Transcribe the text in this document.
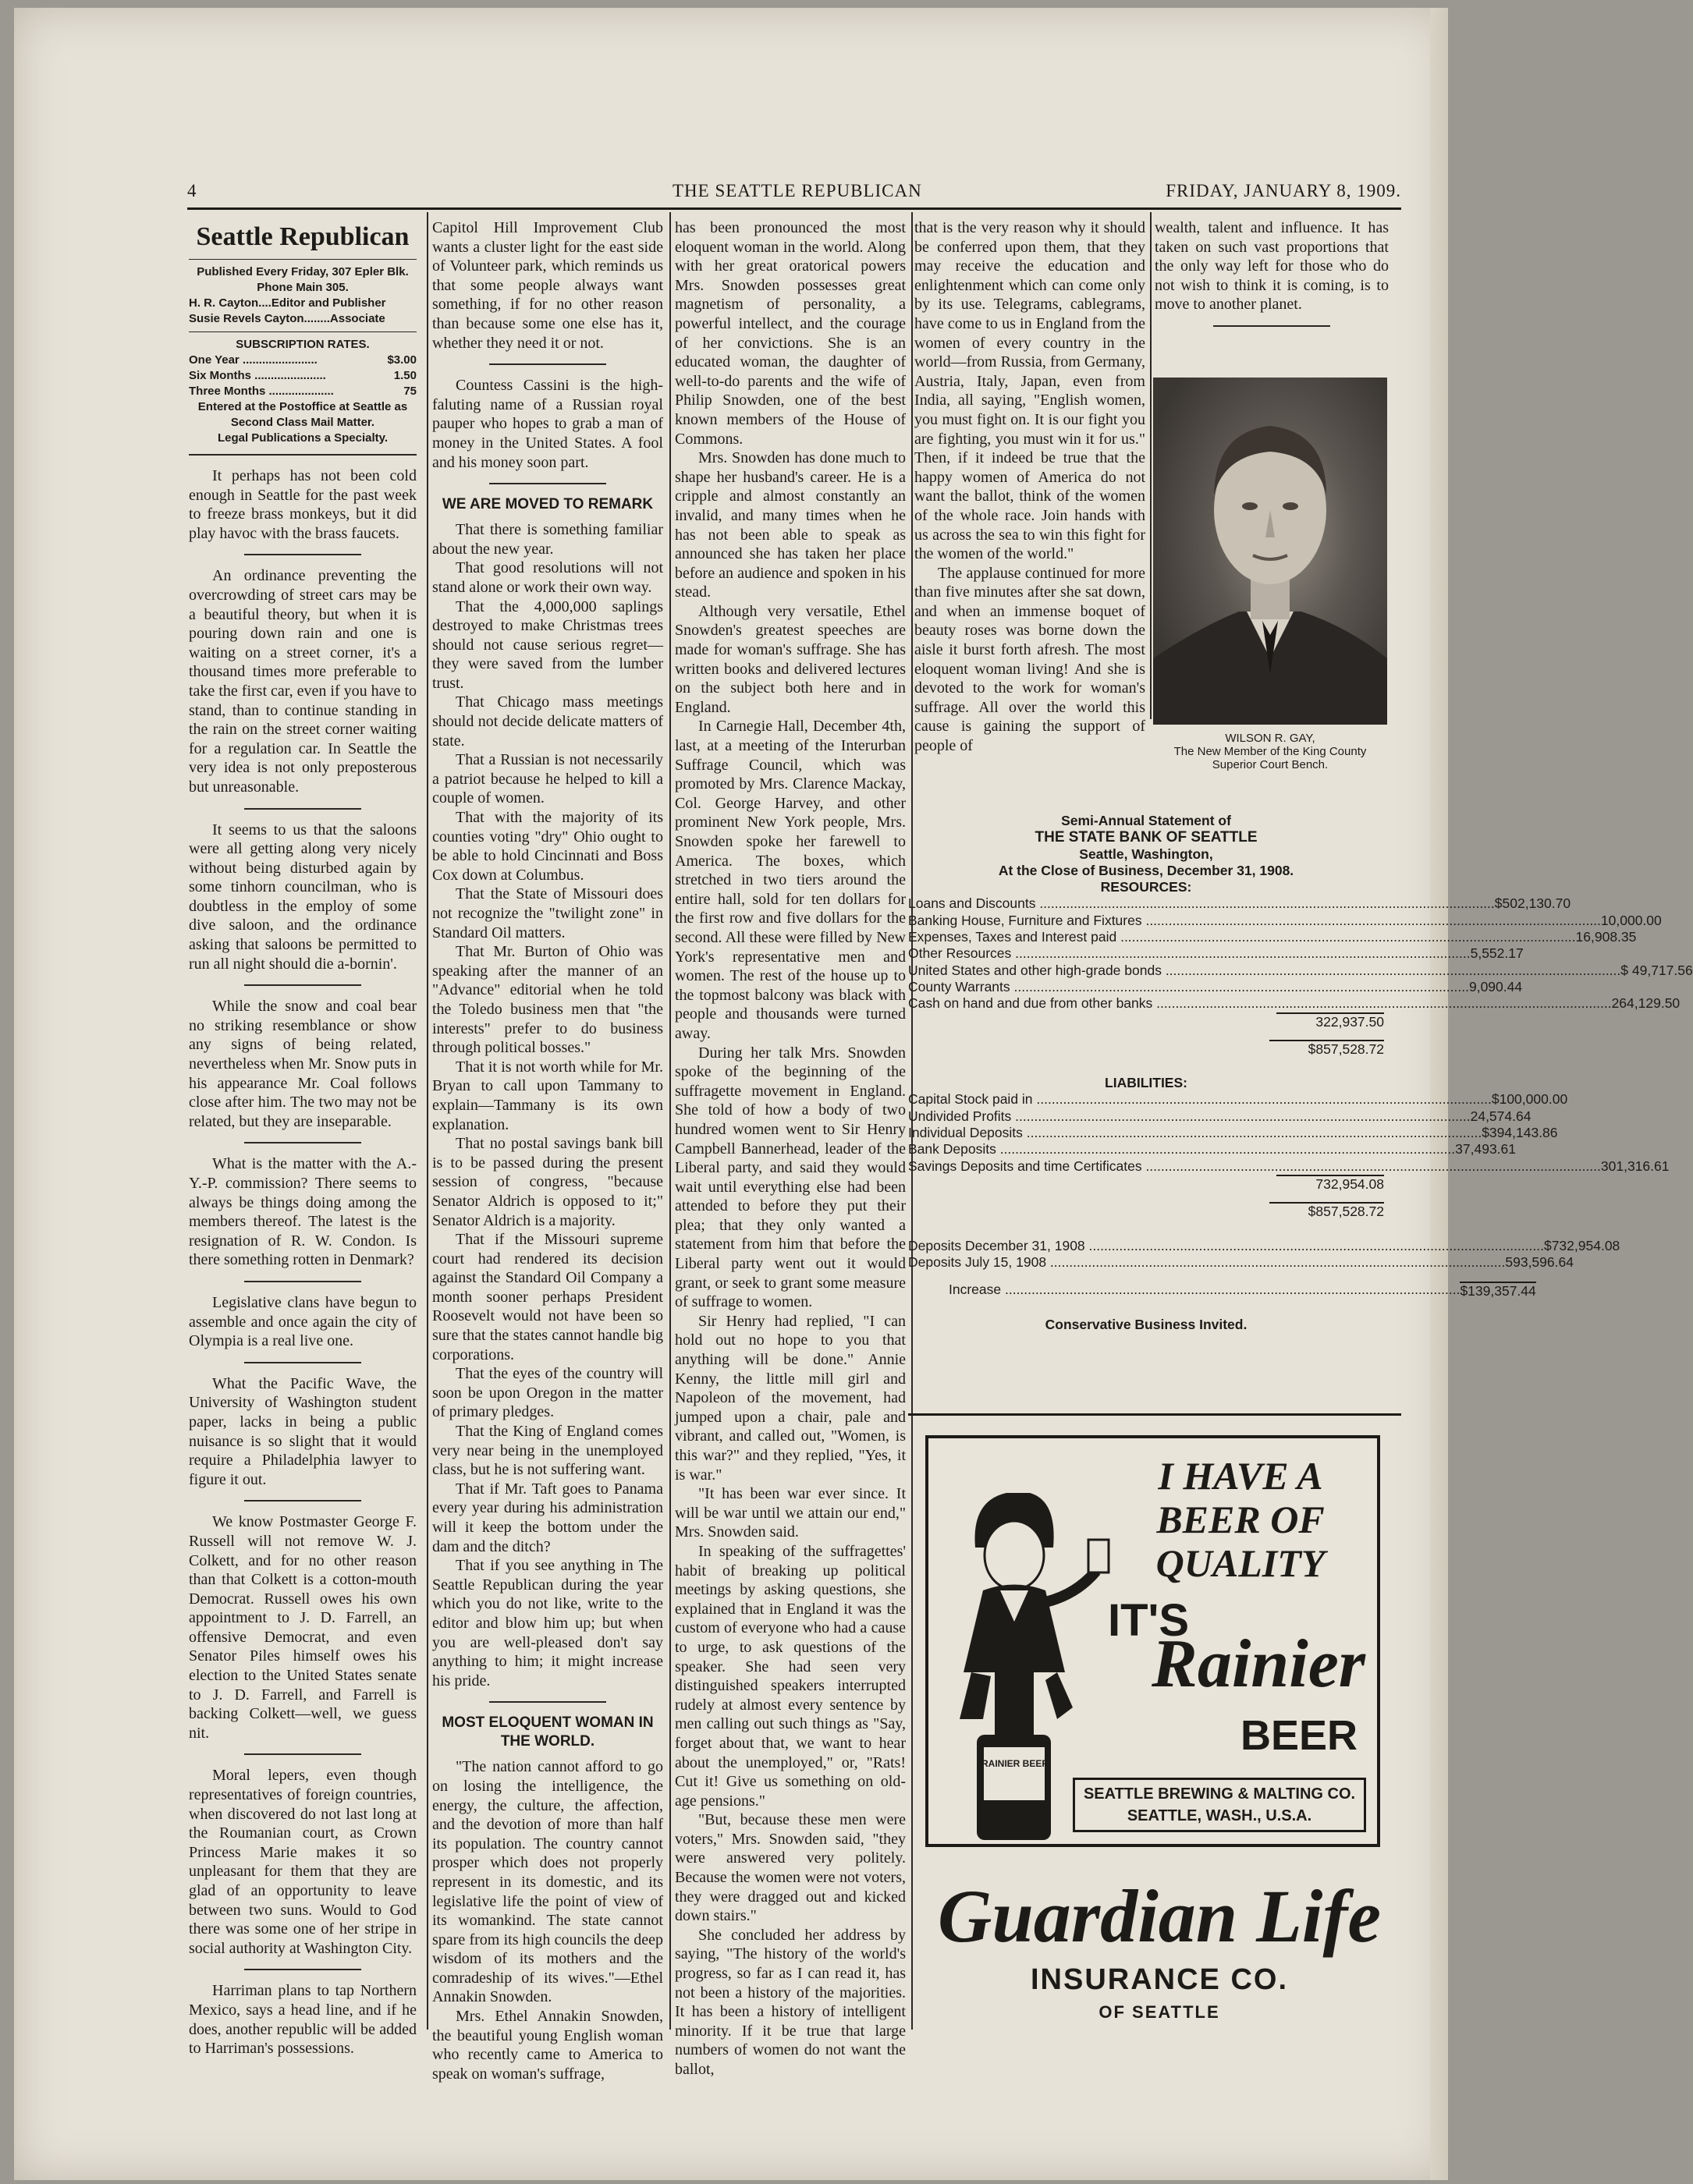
4	THE SEATTLE REPUBLICAN	FRIDAY, JANUARY 8, 1909.
Seattle Republican
Published Every Friday, 307 Epler Blk.
Phone Main 305.
H. R. Cayton....Editor and Publisher
Susie Revels Cayton........Associate
SUBSCRIPTION RATES.
One Year .......................	$3.00
Six Months ......................	1.50
Three Months ....................	75
Entered at the Postoffice at Seattle as
Second Class Mail Matter.
Legal Publications a Specialty.

It perhaps has not been cold enough in Seattle for the past week to freeze brass monkeys, but it did play havoc with the brass faucets.

An ordinance preventing the overcrowding of street cars may be a beautiful theory, but when it is pouring down rain and one is waiting on a street corner, it's a thousand times more preferable to take the first car, even if you have to stand, than to continue standing in the rain on the street corner waiting for a regulation car. In Seattle the very idea is not only preposterous but unreasonable.

It seems to us that the saloons were all getting along very nicely without being disturbed again by some tinhorn councilman, who is doubtless in the employ of some dive saloon, and the ordinance asking that saloons be permitted to run all night should die a-bornin'.

While the snow and coal bear no striking resemblance or show any signs of being related, nevertheless when Mr. Snow puts in his appearance Mr. Coal follows close after him. The two may not be related, but they are inseparable.

What is the matter with the A.-Y.-P. commission? There seems to always be things doing among the members thereof. The latest is the resignation of R. W. Condon. Is there something rotten in Denmark?

Legislative clans have begun to assemble and once again the city of Olympia is a real live one.

What the Pacific Wave, the University of Washington student paper, lacks in being a public nuisance is so slight that it would require a Philadelphia lawyer to figure it out.

We know Postmaster George F. Russell will not remove W. J. Colkett, and for no other reason than that Colkett is a cotton-mouth Democrat. Russell owes his own appointment to J. D. Farrell, an offensive Democrat, and even Senator Piles himself owes his election to the United States senate to J. D. Farrell, and Farrell is backing Colkett—well, we guess nit.

Moral lepers, even though representatives of foreign countries, when discovered do not last long at the Roumanian court, as Crown Princess Marie makes it so unpleasant for them that they are glad of an opportunity to leave between two suns. Would to God there was some one of her stripe in social authority at Washington City.

Harriman plans to tap Northern Mexico, says a head line, and if he does, another republic will be added to Harriman's possessions.

Capitol Hill Improvement Club wants a cluster light for the east side of Volunteer park, which reminds us that some people always want something, if for no other reason than because some one else has it, whether they need it or not.

Countess Cassini is the high-faluting name of a Russian royal pauper who hopes to grab a man of money in the United States. A fool and his money soon part.

WE ARE MOVED TO REMARK

That there is something familiar about the new year.

That good resolutions will not stand alone or work their own way.

That the 4,000,000 saplings destroyed to make Christmas trees should not cause serious regret—they were saved from the lumber trust.

That Chicago mass meetings should not decide delicate matters of state.

That a Russian is not necessarily a patriot because he helped to kill a couple of women.

That with the majority of its counties voting "dry" Ohio ought to be able to hold Cincinnati and Boss Cox down at Columbus.

That the State of Missouri does not recognize the "twilight zone" in Standard Oil matters.

That Mr. Burton of Ohio was speaking after the manner of an "Advance" editorial when he told the Toledo business men that "the interests" prefer to do business through political bosses."

That it is not worth while for Mr. Bryan to call upon Tammany to explain—Tammany is its own explanation.

That no postal savings bank bill is to be passed during the present session of congress, "because Senator Aldrich is opposed to it;" Senator Aldrich is a majority.

That if the Missouri supreme court had rendered its decision against the Standard Oil Company a month sooner perhaps President Roosevelt would not have been so sure that the states cannot handle big corporations.

That the eyes of the country will soon be upon Oregon in the matter of primary pledges.

That the King of England comes very near being in the unemployed class, but he is not suffering want.

That if Mr. Taft goes to Panama every year during his administration will it keep the bottom under the dam and the ditch?

That if you see anything in The Seattle Republican during the year which you do not like, write to the editor and blow him up; but when you are well-pleased don't say anything to him; it might increase his pride.

MOST ELOQUENT WOMAN IN THE WORLD.

"The nation cannot afford to go on losing the intelligence, the energy, the culture, the affection, and the devotion of more than half its population. The country cannot prosper which does not properly represent in its domestic, and its legislative life the point of view of its womankind. The state cannot spare from its high councils the deep wisdom of its mothers and the comradeship of its wives."—Ethel Annakin Snowden.

Mrs. Ethel Annakin Snowden, the beautiful young English woman who recently came to America to speak on woman's suffrage,

has been pronounced the most eloquent woman in the world. Along with her great oratorical powers Mrs. Snowden possesses great magnetism of personality, a powerful intellect, and the courage of her convictions. She is an educated woman, the daughter of well-to-do parents and the wife of Philip Snowden, one of the best known members of the House of Commons.

Mrs. Snowden has done much to shape her husband's career. He is a cripple and almost constantly an invalid, and many times when he has not been able to speak as announced she has taken her place before an audience and spoken in his stead.

Although very versatile, Ethel Snowden's greatest speeches are made for woman's suffrage. She has written books and delivered lectures on the subject both here and in England.

In Carnegie Hall, December 4th, last, at a meeting of the Interurban Suffrage Council, which was promoted by Mrs. Clarence Mackay, Col. George Harvey, and other prominent New York people, Mrs. Snowden spoke her farewell to America. The boxes, which stretched in two tiers around the entire hall, sold for ten dollars for the first row and five dollars for the second. All these were filled by New York's representative men and women. The rest of the house up to the topmost balcony was black with people and thousands were turned away.

During her talk Mrs. Snowden spoke of the beginning of the suffragette movement in England. She told of how a body of two hundred women went to Sir Henry Campbell Bannerhead, leader of the Liberal party, and said they would wait until everything else had been attended to before they put their plea; that they only wanted a statement from him that before the Liberal party went out it would grant, or seek to grant some measure of suffrage to women.

Sir Henry had replied, "I can hold out no hope to you that anything will be done." Annie Kenny, the little mill girl and Napoleon of the movement, had jumped upon a chair, pale and vibrant, and called out, "Women, is this war?" and they replied, "Yes, it is war."

"It has been war ever since. It will be war until we attain our end," Mrs. Snowden said.

In speaking of the suffragettes' habit of breaking up political meetings by asking questions, she explained that in England it was the custom of everyone who had a cause to urge, to ask questions of the speaker. She had seen very distinguished speakers interrupted rudely at almost every sentence by men calling out such things as "Say, forget about that, we want to hear about the unemployed," or, "Rats! Cut it! Give us something on old-age pensions."

"But, because these men were voters," Mrs. Snowden said, "they were answered very politely. Because the women were not voters, they were dragged out and kicked down stairs."

She concluded her address by saying, "The history of the world's progress, so far as I can read it, has not been a history of the majorities. It has been a history of intelligent minority. If it be true that large numbers of women do not want the ballot,

that is the very reason why it should be conferred upon them, that they may receive the education and enlightenment which can come only by its use. Telegrams, cablegrams, have come to us in England from the women of every country in the world—from Russia, from Germany, Austria, Italy, Japan, even from India, all saying, "English women, you must fight on. It is our fight you are fighting, you must win it for us." Then, if it indeed be true that the happy women of America do not want the ballot, think of the women of the whole race. Join hands with us across the sea to win this fight for the women of the world."

The applause continued for more than five minutes after she sat down, and when an immense boquet of beauty roses was borne down the aisle it burst forth afresh. The most eloquent woman living! And she is devoted to the work for woman's suffrage. All over the world this cause is gaining the support of people of

wealth, talent and influence. It has taken on such vast proportions that the only way left for those who do not wish to think it is coming, is to move to another planet.

WILSON R. GAY,
The New Member of the King County
Superior Court Bench.
Semi-Annual Statement of
THE STATE BANK OF SEATTLE
Seattle, Washington,
At the Close of Business, December 31, 1908.
RESOURCES:
Loans and Discounts .....	$502,130.70
Banking House, Furniture and Fixtures .....	10,000.00
Expenses, Taxes and Interest paid .....	16,908.35
Other Resources .....	5,552.17
United States and other high-grade bonds .....	$ 49,717.56
County Warrants .....	9,090.44
Cash on hand and due from other banks .....	264,129.50
322,937.50
$857,528.72
LIABILITIES:
Capital Stock paid in .....	$100,000.00
Undivided Profits .....	24,574.64
Individual Deposits .....	$394,143.86
Bank Deposits .....	37,493.61
Savings Deposits and time Certificates .....	301,316.61
732,954.08
$857,528.72
Deposits December 31, 1908 .....	$732,954.08
Deposits July 15, 1908 .....	593,596.64
Increase .....	$139,357.44
Conservative Business Invited.
I HAVE A
BEER OF
QUALITY
IT'S
Rainier
BEER
SEATTLE BREWING & MALTING CO.
SEATTLE, WASH., U.S.A.
RAINIER BEER
Guardian Life
INSURANCE CO.
OF SEATTLE
